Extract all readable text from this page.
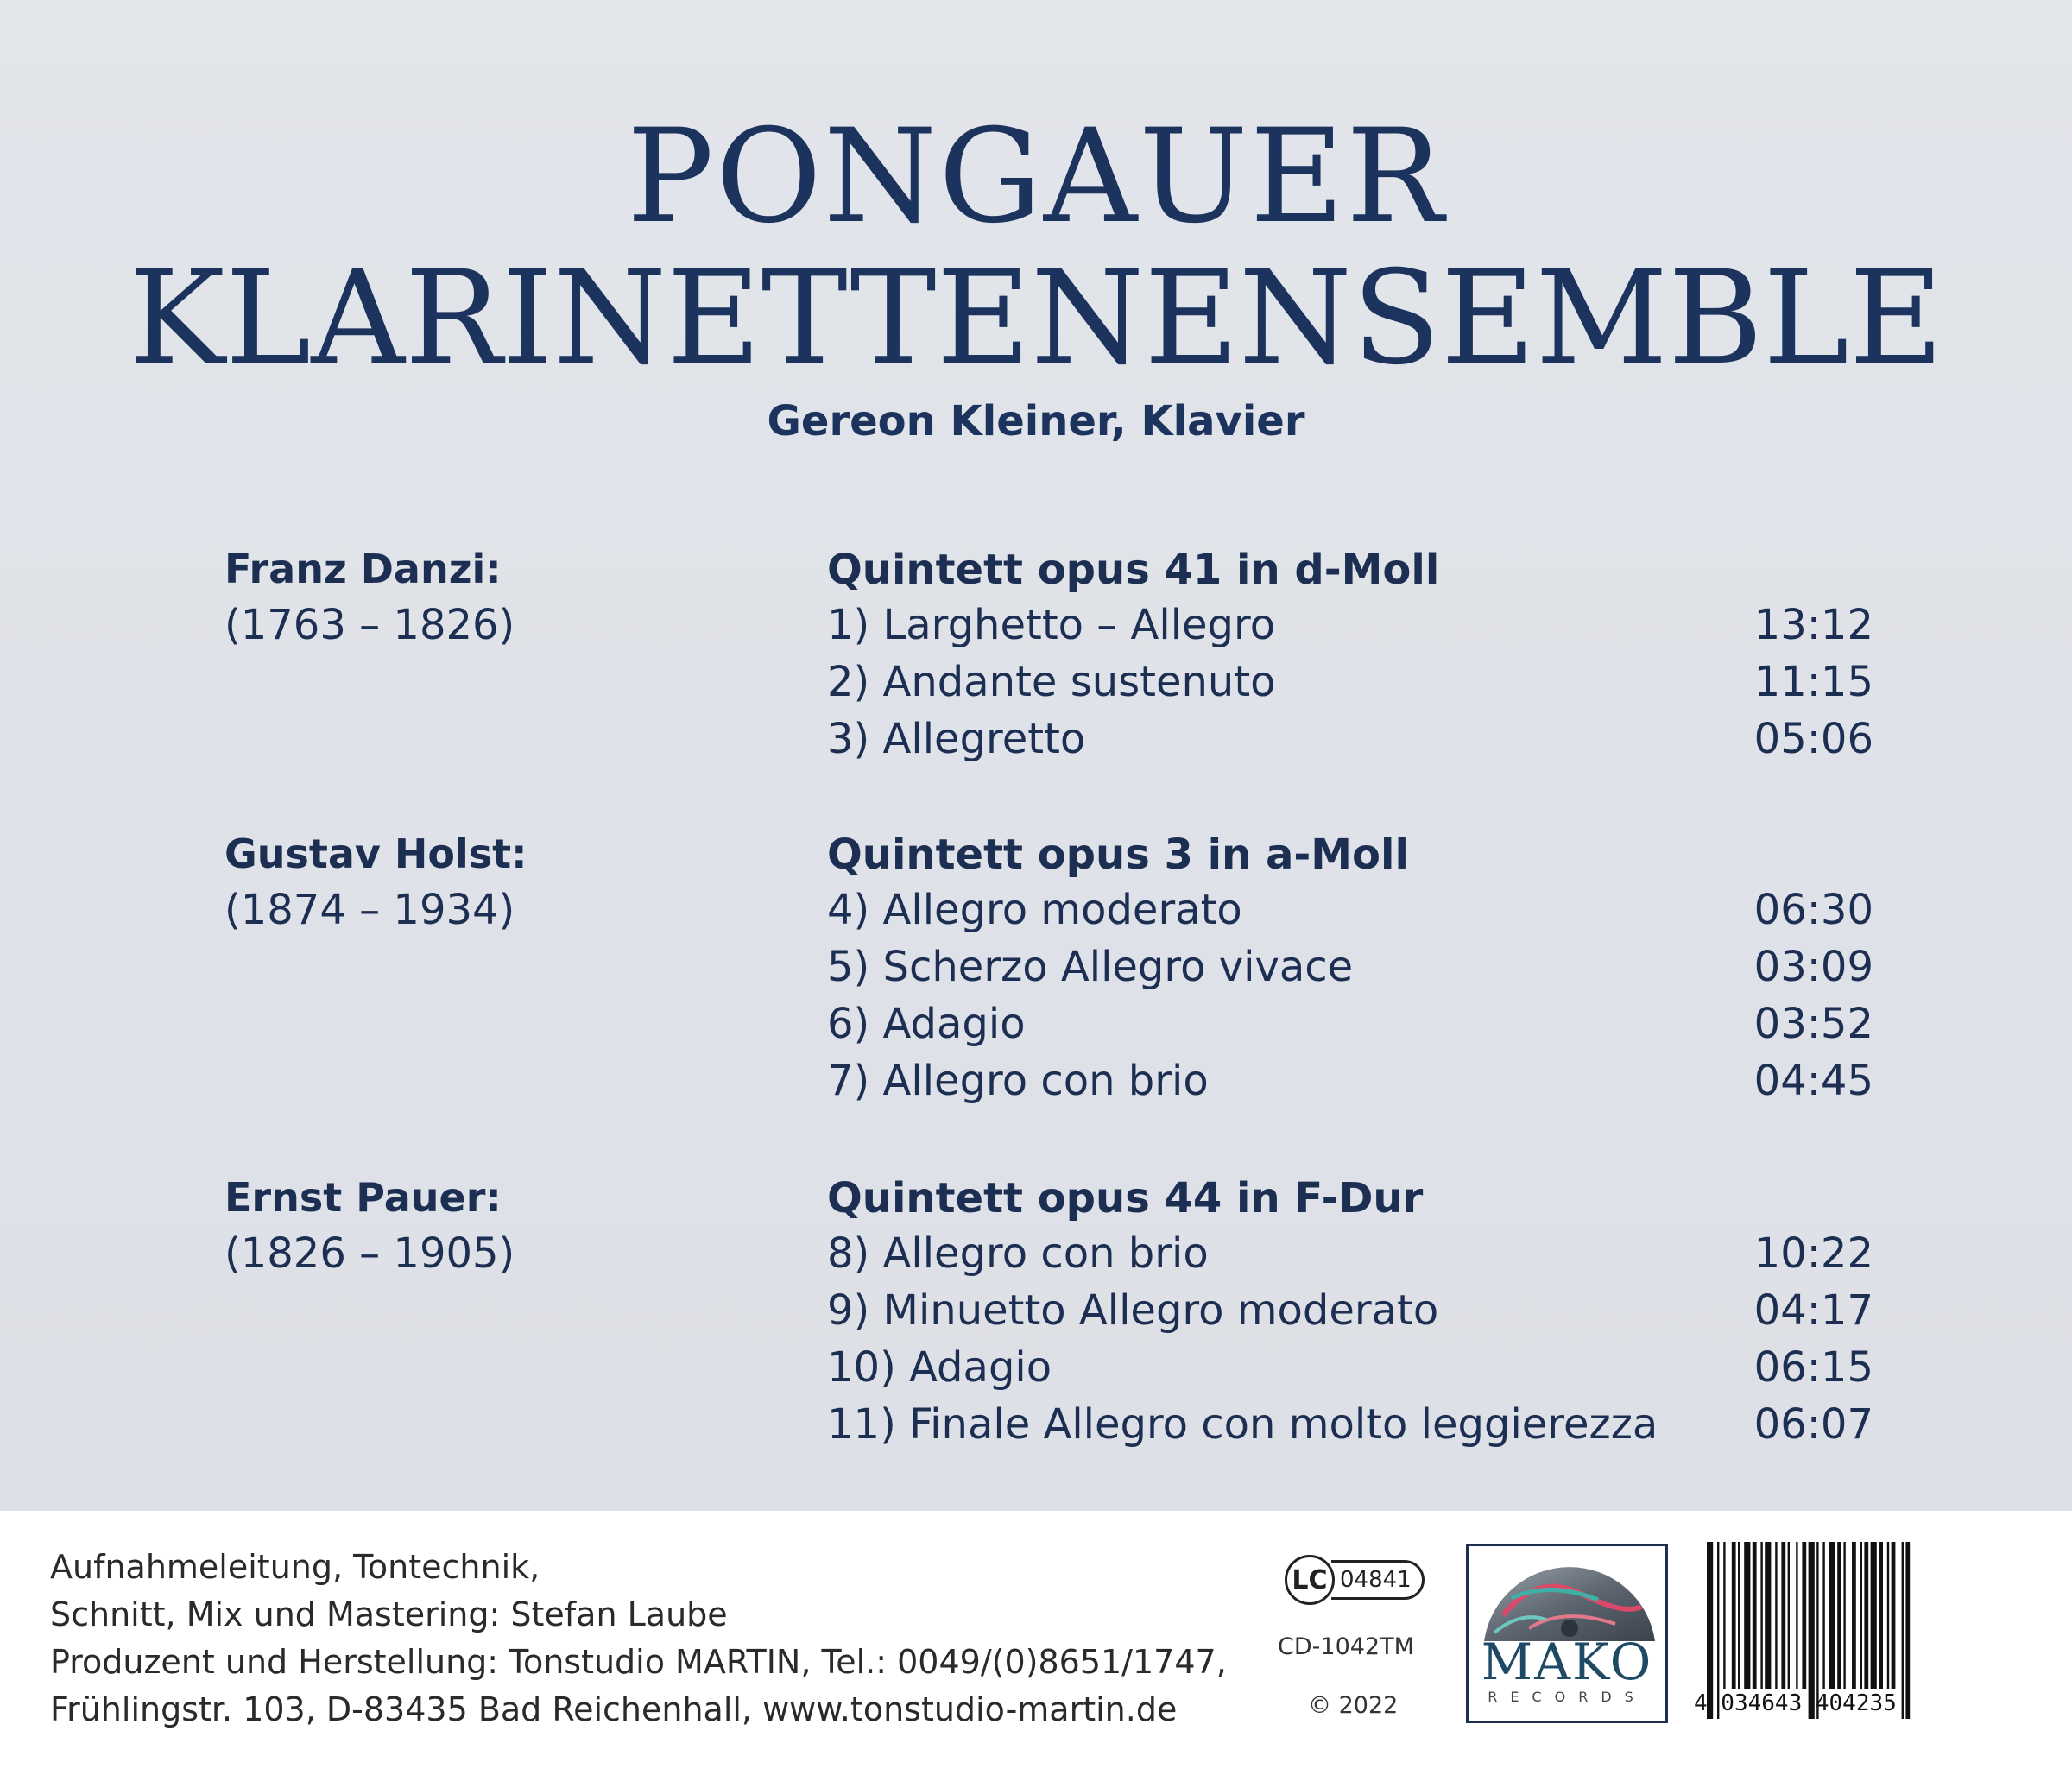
PONGAUER
KLARINETTENENSEMBLE
Gereon Kleiner, Klavier
Franz Danzi:
(1763 – 1826)
Quintett opus 41 in d-Moll
1) Larghetto – Allegro	13:12
2) Andante sustenuto	11:15
3) Allegretto	05:06
Gustav Holst:
(1874 – 1934)
Quintett opus 3 in a-Moll
4) Allegro moderato	06:30
5) Scherzo Allegro vivace	03:09
6) Adagio	03:52
7) Allegro con brio	04:45
Ernst Pauer:
(1826 – 1905)
Quintett opus 44 in F-Dur
8) Allegro con brio	10:22
9) Minuetto Allegro moderato	04:17
10) Adagio	06:15
11) Finale Allegro con molto leggierezza 06:07
Aufnahmeleitung, Tontechnik,
Schnitt, Mix und Mastering: Stefan Laube
Produzent und Herstellung: Tonstudio MARTIN, Tel.: 0049/(0)8651/1747,
Frühlingstr. 103, D-83435 Bad Reichenhall, www.tonstudio-martin.de
LC 04841
CD-1042TM
© 2022
MAKO
RECORDS	4 034643 404235
